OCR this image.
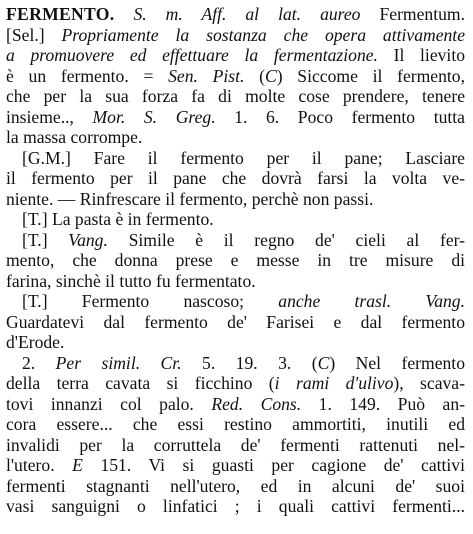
FERMENTO. S. m. Aff. al lat. aureo Fermentum.
[Sel.] Propriamente la sostanza che opera attivamente
a promuovere ed effettuare la fermentazione. Il lievito
è un fermento. = Sen. Pist. (C) Siccome il fermento,
che per la sua forza fa di molte cose prendere, tenere
insieme.., Mor. S. Greg. 1. 6. Poco fermento tutta
la massa corrompe.
[G.M.] Fare il fermento per il pane; Lasciare
il fermento per il pane che dovrà farsi la volta ve-
niente. — Rinfrescare il fermento, perchè non passi.
[T.] La pasta è in fermento.
[T.] Vang. Simile è il regno de' cieli al fer-
mento, che donna prese e messe in tre misure di
farina, sinchè il tutto fu fermentato.
[T.] Fermento nascoso; anche trasl. Vang.
Guardatevi dal fermento de' Farisei e dal fermento
d'Erode.
2. Per simil. Cr. 5. 19. 3. (C) Nel fermento
della terra cavata si ficchino (i rami d'ulivo), scava-
tovi innanzi col palo. Red. Cons. 1. 149. Può an-
cora essere... che essi restino ammortiti, inutili ed
invalidi per la corruttela de' fermenti rattenuti nel-
l'utero. E 151. Vi si guasti per cagione de' cattivi
fermenti stagnanti nell'utero, ed in alcuni de' suoi
vasi sanguigni o linfatici ; i quali cattivi fermenti...
